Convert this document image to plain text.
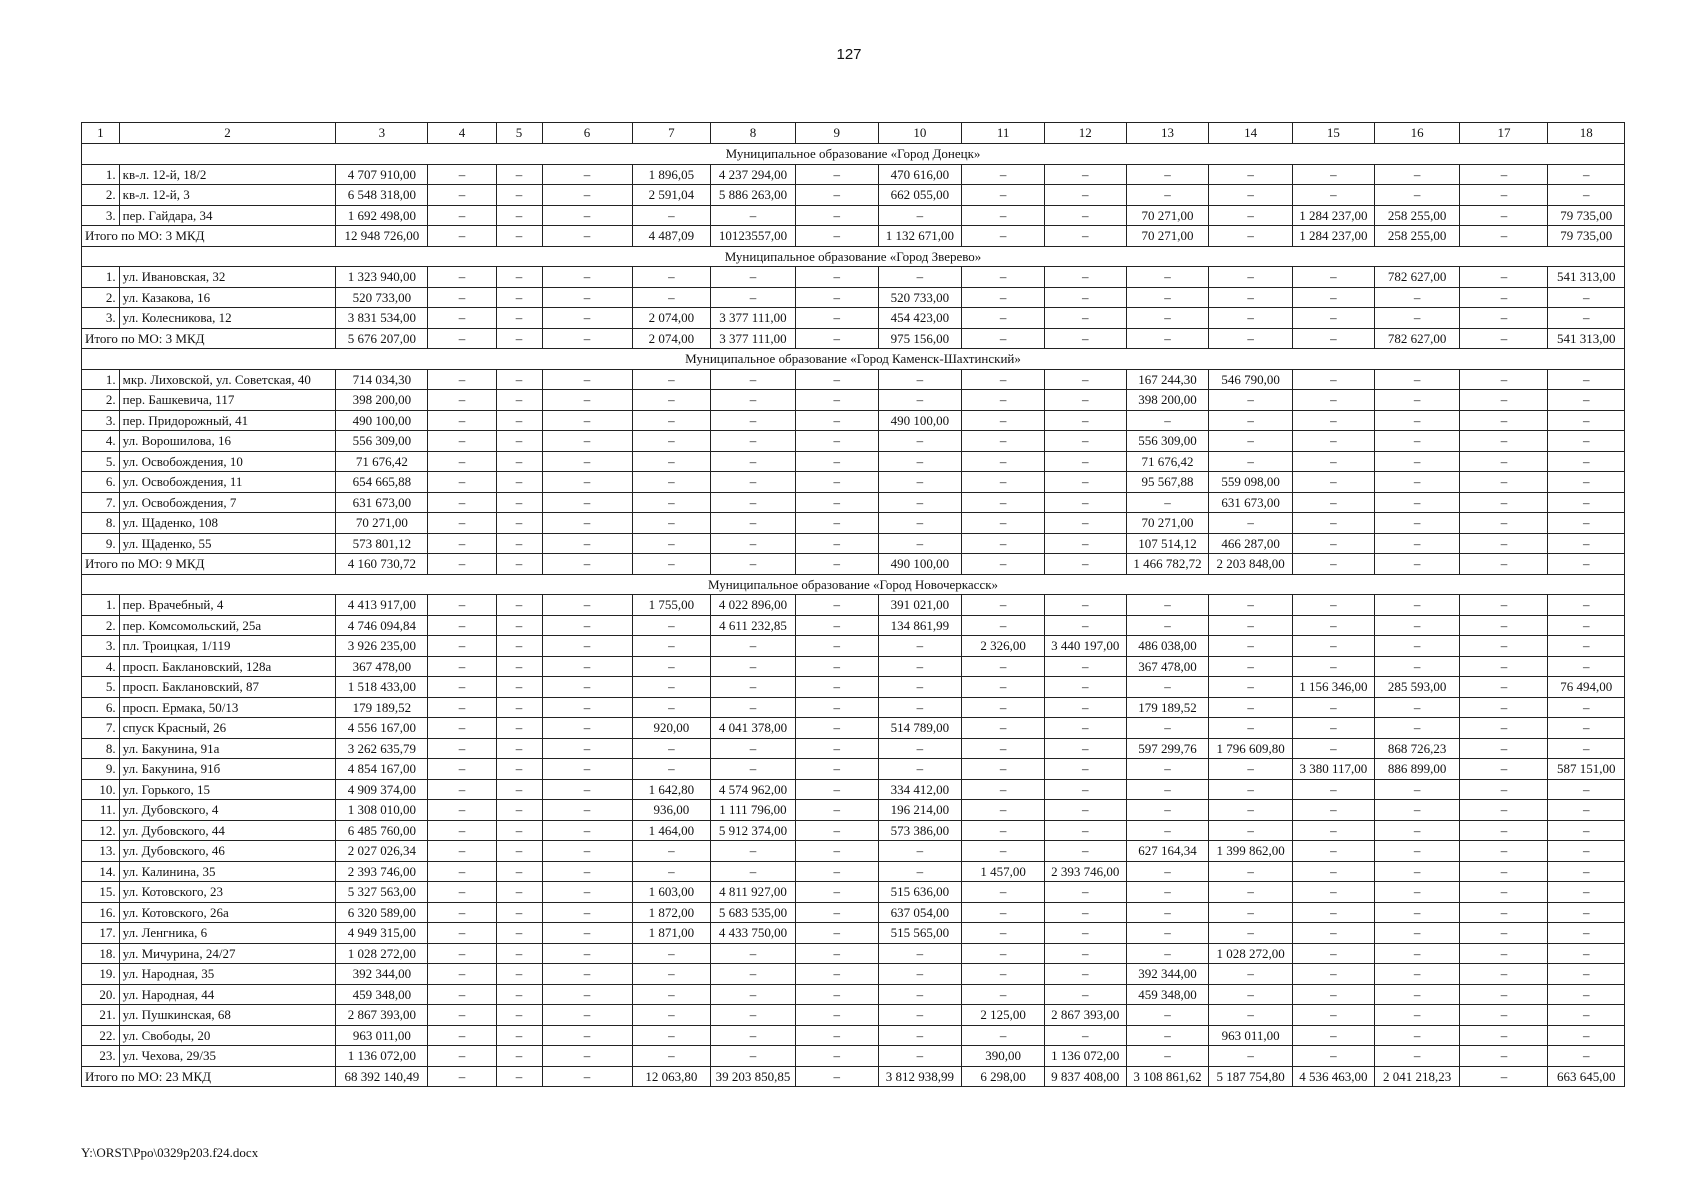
127
1	2	3	4	5	6	7	8	9	10	11	12	13	14	15	16	17	18
Муниципальное образование «Город Донецк»																	
1.	кв-л. 12-й, 18/2	4 707 910,00	–	–	–	1 896,05	4 237 294,00	–	470 616,00	–	–	–	–	–	–	–	–
2.	кв-л. 12-й, 3	6 548 318,00	–	–	–	2 591,04	5 886 263,00	–	662 055,00	–	–	–	–	–	–	–	–
3.	пер. Гайдара, 34	1 692 498,00	–	–	–	–	–	–	–	–	–	70 271,00	–	1 284 237,00	258 255,00	–	79 735,00
Итого по МО: 3 МКД		12 948 726,00	–	–	–	4 487,09	10123557,00	–	1 132 671,00	–	–	70 271,00	–	1 284 237,00	258 255,00	–	79 735,00
Муниципальное образование «Город Зверево»																	
1.	ул. Ивановская, 32	1 323 940,00	–	–	–	–	–	–	–	–	–	–	–	–	782 627,00	–	541 313,00
2.	ул. Казакова, 16	520 733,00	–	–	–	–	–	–	520 733,00	–	–	–	–	–	–	–	–
3.	ул. Колесникова, 12	3 831 534,00	–	–	–	2 074,00	3 377 111,00	–	454 423,00	–	–	–	–	–	–	–	–
Итого по МО: 3 МКД		5 676 207,00	–	–	–	2 074,00	3 377 111,00	–	975 156,00	–	–	–	–	–	782 627,00	–	541 313,00
Муниципальное образование «Город Каменск-Шахтинский»																	
1.	мкр. Лиховской, ул. Советская, 40	714 034,30	–	–	–	–	–	–	–	–	–	167 244,30	546 790,00	–	–	–	–
2.	пер. Башкевича, 117	398 200,00	–	–	–	–	–	–	–	–	–	398 200,00	–	–	–	–	–
3.	пер. Придорожный, 41	490 100,00	–	–	–	–	–	–	490 100,00	–	–	–	–	–	–	–	–
4.	ул. Ворошилова, 16	556 309,00	–	–	–	–	–	–	–	–	–	556 309,00	–	–	–	–	–
5.	ул. Освобождения, 10	71 676,42	–	–	–	–	–	–	–	–	–	71 676,42	–	–	–	–	–
6.	ул. Освобождения, 11	654 665,88	–	–	–	–	–	–	–	–	–	95 567,88	559 098,00	–	–	–	–
7.	ул. Освобождения, 7	631 673,00	–	–	–	–	–	–	–	–	–	–	631 673,00	–	–	–	–
8.	ул. Щаденко, 108	70 271,00	–	–	–	–	–	–	–	–	–	70 271,00	–	–	–	–	–
9.	ул. Щаденко, 55	573 801,12	–	–	–	–	–	–	–	–	–	107 514,12	466 287,00	–	–	–	–
Итого по МО: 9 МКД		4 160 730,72	–	–	–	–	–	–	490 100,00	–	–	1 466 782,72	2 203 848,00	–	–	–	–
Муниципальное образование «Город Новочеркасск»																	
1.	пер. Врачебный, 4	4 413 917,00	–	–	–	1 755,00	4 022 896,00	–	391 021,00	–	–	–	–	–	–	–	–
2.	пер. Комсомольский, 25а	4 746 094,84	–	–	–	–	4 611 232,85	–	134 861,99	–	–	–	–	–	–	–	–
3.	пл. Троицкая, 1/119	3 926 235,00	–	–	–	–	–	–	–	2 326,00	3 440 197,00	486 038,00	–	–	–	–	–
4.	просп. Баклановский, 128а	367 478,00	–	–	–	–	–	–	–	–	–	367 478,00	–	–	–	–	–
5.	просп. Баклановский, 87	1 518 433,00	–	–	–	–	–	–	–	–	–	–	–	1 156 346,00	285 593,00	–	76 494,00
6.	просп. Ермака, 50/13	179 189,52	–	–	–	–	–	–	–	–	–	179 189,52	–	–	–	–	–
7.	спуск Красный, 26	4 556 167,00	–	–	–	920,00	4 041 378,00	–	514 789,00	–	–	–	–	–	–	–	–
8.	ул. Бакунина, 91а	3 262 635,79	–	–	–	–	–	–	–	–	–	597 299,76	1 796 609,80	–	868 726,23	–	–
9.	ул. Бакунина, 91б	4 854 167,00	–	–	–	–	–	–	–	–	–	–	–	3 380 117,00	886 899,00	–	587 151,00
10.	ул. Горького, 15	4 909 374,00	–	–	–	1 642,80	4 574 962,00	–	334 412,00	–	–	–	–	–	–	–	–
11.	ул. Дубовского, 4	1 308 010,00	–	–	–	936,00	1 111 796,00	–	196 214,00	–	–	–	–	–	–	–	–
12.	ул. Дубовского, 44	6 485 760,00	–	–	–	1 464,00	5 912 374,00	–	573 386,00	–	–	–	–	–	–	–	–
13.	ул. Дубовского, 46	2 027 026,34	–	–	–	–	–	–	–	–	–	627 164,34	1 399 862,00	–	–	–	–
14.	ул. Калинина, 35	2 393 746,00	–	–	–	–	–	–	–	1 457,00	2 393 746,00	–	–	–	–	–	–
15.	ул. Котовского, 23	5 327 563,00	–	–	–	1 603,00	4 811 927,00	–	515 636,00	–	–	–	–	–	–	–	–
16.	ул. Котовского, 26а	6 320 589,00	–	–	–	1 872,00	5 683 535,00	–	637 054,00	–	–	–	–	–	–	–	–
17.	ул. Ленгника, 6	4 949 315,00	–	–	–	1 871,00	4 433 750,00	–	515 565,00	–	–	–	–	–	–	–	–
18.	ул. Мичурина, 24/27	1 028 272,00	–	–	–	–	–	–	–	–	–	–	1 028 272,00	–	–	–	–
19.	ул. Народная, 35	392 344,00	–	–	–	–	–	–	–	–	–	392 344,00	–	–	–	–	–
20.	ул. Народная, 44	459 348,00	–	–	–	–	–	–	–	–	–	459 348,00	–	–	–	–	–
21.	ул. Пушкинская, 68	2 867 393,00	–	–	–	–	–	–	–	2 125,00	2 867 393,00	–	–	–	–	–	–
22.	ул. Свободы, 20	963 011,00	–	–	–	–	–	–	–	–	–	–	963 011,00	–	–	–	–
23.	ул. Чехова, 29/35	1 136 072,00	–	–	–	–	–	–	–	390,00	1 136 072,00	–	–	–	–	–	–
Итого по МО: 23 МКД		68 392 140,49	–	–	–	12 063,80	39 203 850,85	–	3 812 938,99	6 298,00	9 837 408,00	3 108 861,62	5 187 754,80	4 536 463,00	2 041 218,23	–	663 645,00
Y:\ORST\Ppo\0329p203.f24.docx
